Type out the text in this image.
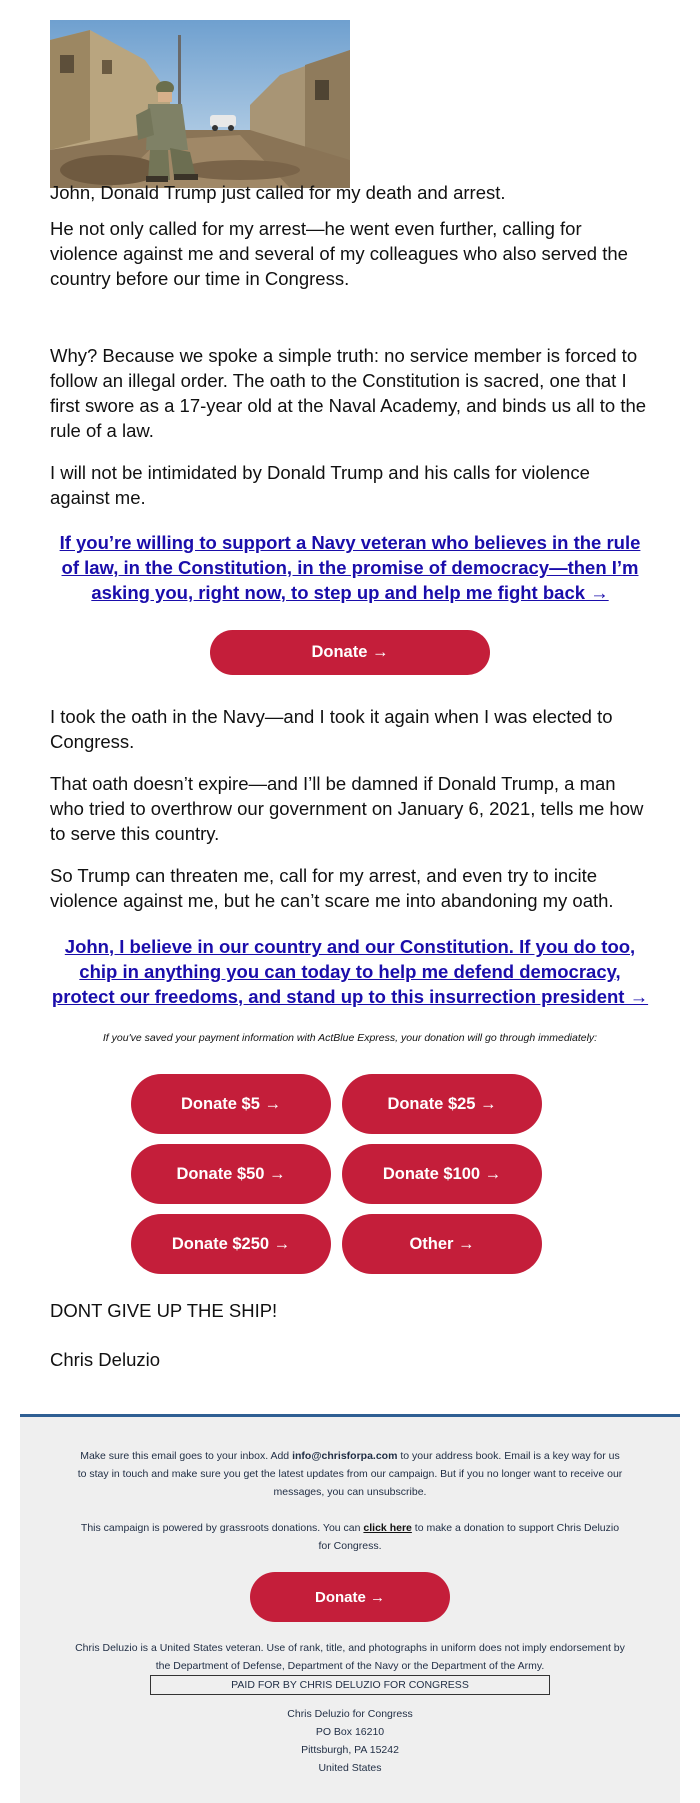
John, Donald Trump just called for my death and arrest.

He not only called for my arrest—he went even further, calling for violence against me and several of my colleagues who also served the country before our time in Congress.

Why? Because we spoke a simple truth: no service member is forced to follow an illegal order. The oath to the Constitution is sacred, one that I first swore as a 17-year old at the Naval Academy, and binds us all to the rule of a law.

I will not be intimidated by Donald Trump and his calls for violence against me.

If you’re willing to support a Navy veteran who believes in the rule of law, in the Constitution, in the promise of democracy—then I’m asking you, right now, to step up and help me fight back →
Donate →

I took the oath in the Navy—and I took it again when I was elected to Congress.

That oath doesn’t expire—and I’ll be damned if Donald Trump, a man who tried to overthrow our government on January 6, 2021, tells me how to serve this country.

So Trump can threaten me, call for my arrest, and even try to incite violence against me, but he can’t scare me into abandoning my oath.

John, I believe in our country and our Constitution. If you do too, chip in anything you can today to help me defend democracy, protect our freedoms, and stand up to this insurrection president →

If you've saved your payment information with ActBlue Express, your donation will go through immediately:

Donate $5 →	Donate $25 →
Donate $50 →	Donate $100 →
Donate $250 →	Other →

DONT GIVE UP THE SHIP!

Chris Deluzio

Make sure this email goes to your inbox. Add info@chrisforpa.com to your address book. Email is a key way for us to stay in touch and make sure you get the latest updates from our campaign. But if you no longer want to receive our messages, you can unsubscribe.

This campaign is powered by grassroots donations. You can click here to make a donation to support Chris Deluzio for Congress.

Donate →

Chris Deluzio is a United States veteran. Use of rank, title, and photographs in uniform does not imply endorsement by the Department of Defense, Department of the Navy or the Department of the Army.

PAID FOR BY CHRIS DELUZIO FOR CONGRESS

Chris Deluzio for Congress

PO Box 16210

Pittsburgh, PA 15242

United States
